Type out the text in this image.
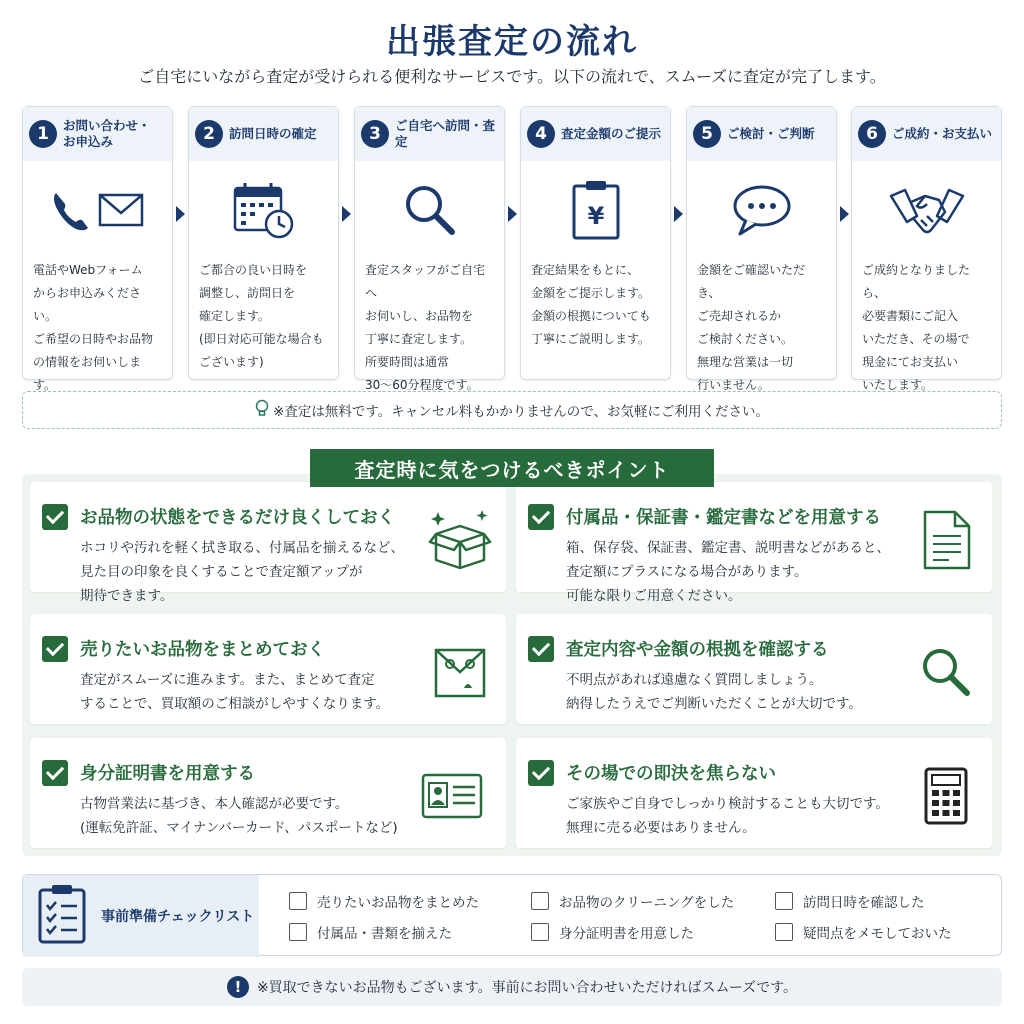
出張査定の流れ
ご自宅にいながら査定が受けられる便利なサービスです。以下の流れで、スムーズに査定が完了します。
1	お問い合わせ・
お申込み
電話やWebフォーム
からお申込みください。
ご希望の日時やお品物
の情報をお伺いします。
2	訪問日時の確定
ご都合の良い日時を
調整し、訪問日を
確定します。
(即日対応可能な場合も
ございます)
3	ご自宅へ訪問・査定
査定スタッフがご自宅へ
お伺いし、お品物を
丁寧に査定します。
所要時間は通常
30〜60分程度です。
4	査定金額のご提示
¥
査定結果をもとに、
金額をご提示します。
金額の根拠についても
丁寧にご説明します。
5	ご検討・ご判断
金額をご確認いただき、
ご売却されるか
ご検討ください。
無理な営業は一切
行いません。
6	ご成約・お支払い
ご成約となりましたら、
必要書類にご記入
いただき、その場で
現金にてお支払い
いたします。
※査定は無料です。キャンセル料もかかりませんので、お気軽にご利用ください。
お品物の状態をできるだけ良くしておく
ホコリや汚れを軽く拭き取る、付属品を揃えるなど、
見た目の印象を良くすることで査定額アップが
期待できます。
売りたいお品物をまとめておく
査定がスムーズに進みます。また、まとめて査定
することで、買取額のご相談がしやすくなります。
身分証明書を用意する
古物営業法に基づき、本人確認が必要です。
(運転免許証、マイナンバーカード、パスポートなど)
付属品・保証書・鑑定書などを用意する
箱、保存袋、保証書、鑑定書、説明書などがあると、
査定額にプラスになる場合があります。
可能な限りご用意ください。
査定内容や金額の根拠を確認する
不明点があれば遠慮なく質問しましょう。
納得したうえでご判断いただくことが大切です。
その場での即決を焦らない
ご家族やご自身でしっかり検討することも大切です。
無理に売る必要はありません。
査定時に気をつけるべきポイント
事前準備チェックリスト
売りたいお品物をまとめた	お品物のクリーニングをした	訪問日時を確認した
付属品・書類を揃えた	身分証明書を用意した	疑問点をメモしておいた
!	※買取できないお品物もございます。事前にお問い合わせいただければスムーズです。
